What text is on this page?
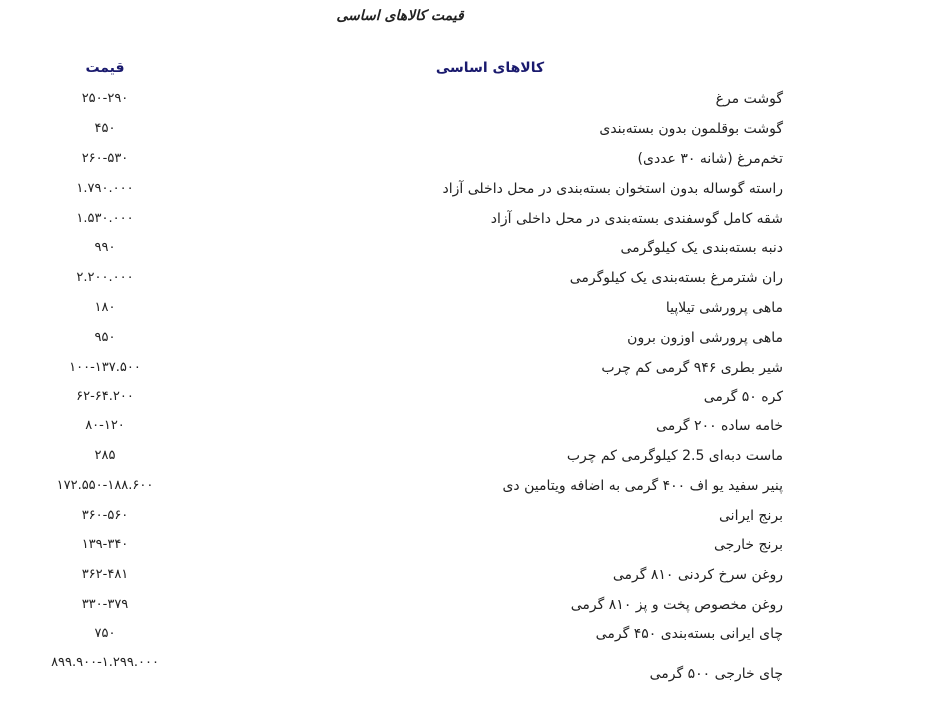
قیمت کالاهای اساسی
کالاهای اساسی
قیمت
گوشت مرغ
۲۵۰-۲۹۰
گوشت بوقلمون بدون بسته‌بندی
۴۵۰
تخم‌مرغ (شانه ۳۰ عددی)
۲۶۰-۵۳۰
راسته گوساله بدون استخوان بسته‌بندی در محل داخلی آزاد
۱.۷۹۰.۰۰۰
شقه کامل گوسفندی بسته‌بندی در محل داخلی آزاد
۱.۵۳۰.۰۰۰
دنبه بسته‌بندی یک کیلوگرمی
۹۹۰
ران شترمرغ بسته‌بندی یک کیلوگرمی
۲.۲۰۰.۰۰۰
ماهی پرورشی تیلاپیا
۱۸۰
ماهی پرورشی اوزون برون
۹۵۰
شیر بطری ۹۴۶ گرمی کم چرب
۱۰۰-۱۳۷.۵۰۰
کره ۵۰ گرمی
۶۲-۶۴.۲۰۰
خامه ساده ۲۰۰ گرمی
۸۰-۱۲۰
ماست دبه‌ای 2.5 کیلوگرمی کم چرب
۲۸۵
پنیر سفید یو اف ۴۰۰ گرمی به اضافه ویتامین دی
۱۷۲.۵۵۰-۱۸۸.۶۰۰
برنج ایرانی
۳۶۰-۵۶۰
برنج خارجی
۱۳۹-۳۴۰
روغن سرخ کردنی ۸۱۰ گرمی
۳۶۲-۴۸۱
روغن مخصوص پخت و پز ۸۱۰ گرمی
۳۳۰-۳۷۹
چای ایرانی بسته‌بندی ۴۵۰ گرمی
۷۵۰
چای خارجی ۵۰۰ گرمی
۸۹۹.۹۰۰-۱.۲۹۹.۰۰۰
